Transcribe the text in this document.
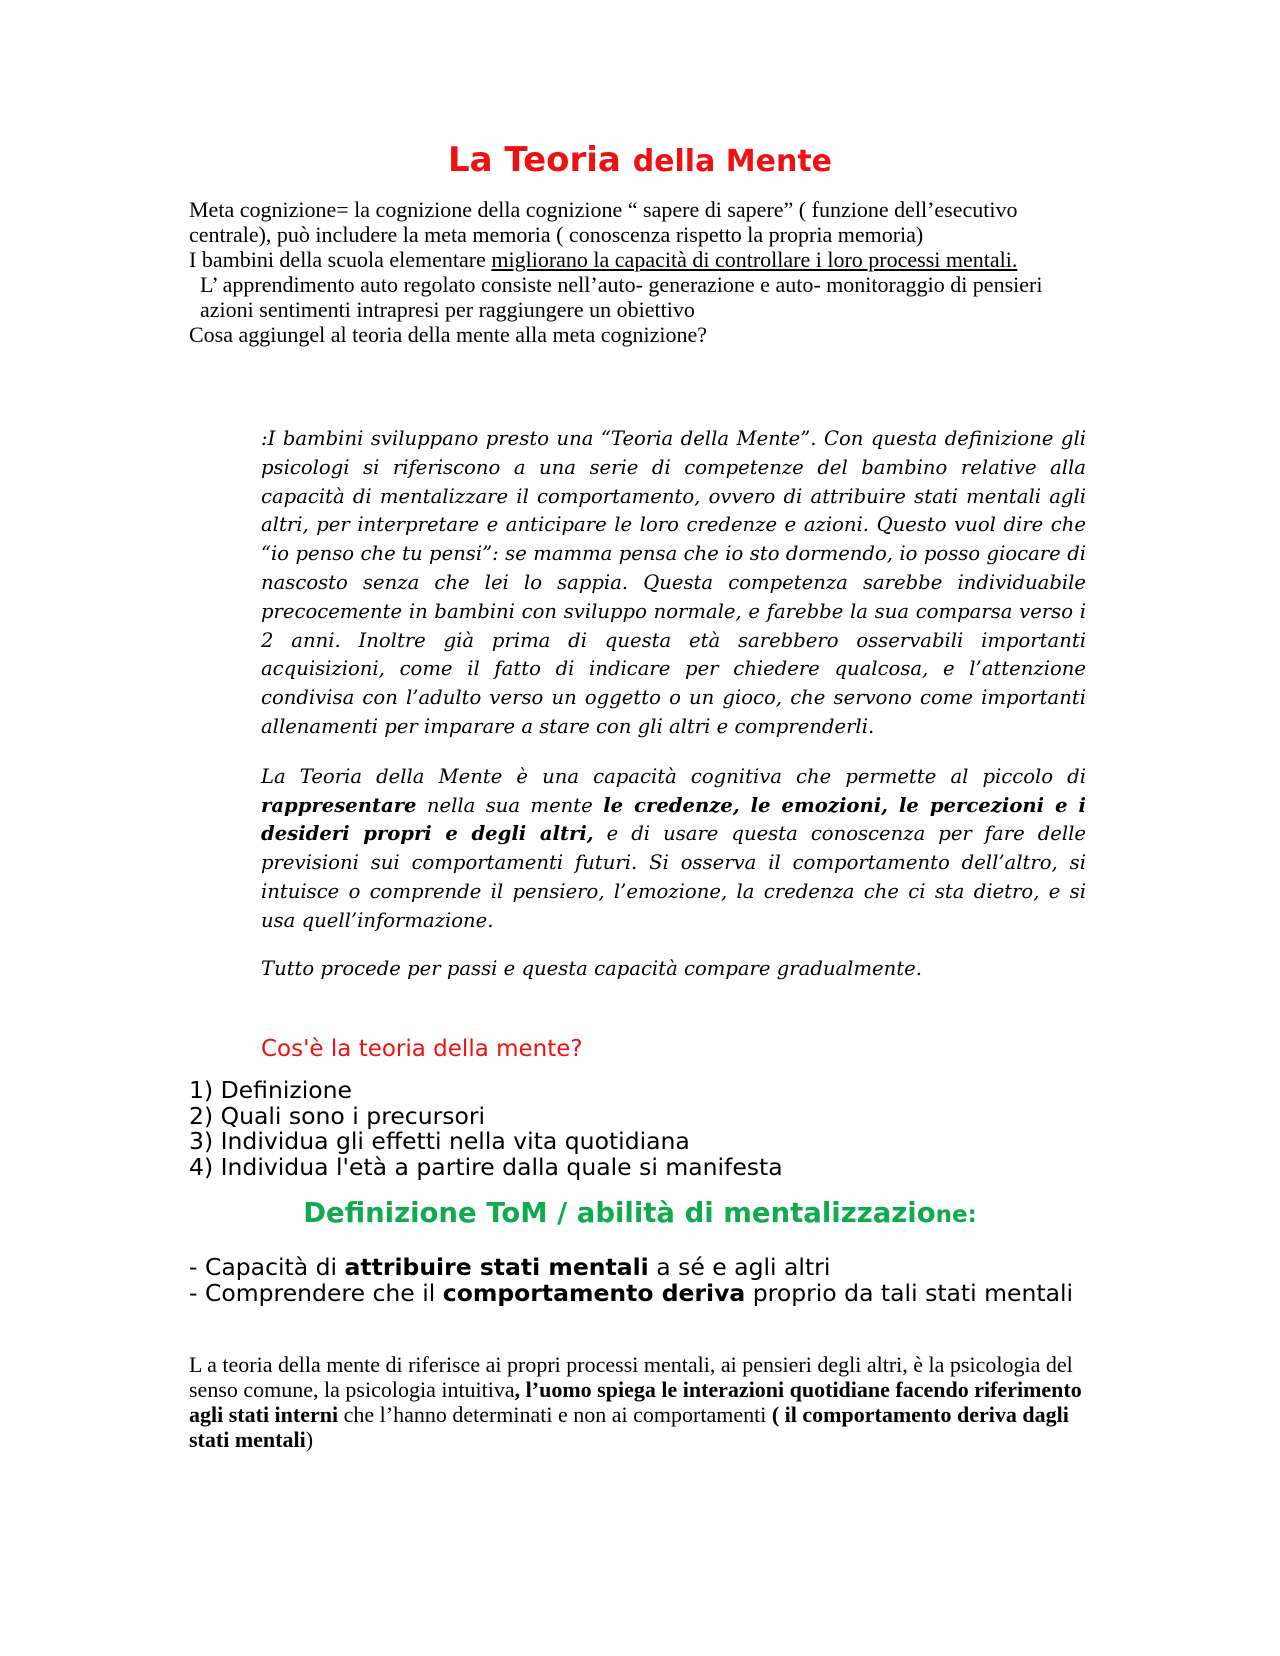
La Teoria della Mente

Meta cognizione= la cognizione della cognizione “ sapere di sapere” ( funzione dell’esecutivo centrale), può includere la meta memoria ( conoscenza rispetto la propria memoria)

I bambini della scuola elementare migliorano la capacità di controllare i loro processi mentali.

L’ apprendimento auto regolato consiste nell’auto- generazione e auto- monitoraggio di pensieri azioni sentimenti intrapresi per raggiungere un obiettivo

Cosa aggiungel al teoria della mente alla meta cognizione?

:I bambini sviluppano presto una “Teoria della Mente”. Con questa definizione gli psicologi si riferiscono a una serie di competenze del bambino relative alla capacità di mentalizzare il comportamento, ovvero di attribuire stati mentali agli altri, per interpretare e anticipare le loro credenze e azioni. Questo vuol dire che “io penso che tu pensi”: se mamma pensa che io sto dormendo, io posso giocare di nascosto senza che lei lo sappia. Questa competenza sarebbe individuabile precocemente in bambini con sviluppo normale, e farebbe la sua comparsa verso i 2 anni. Inoltre già prima di questa età sarebbero osservabili importanti acquisizioni, come il fatto di indicare per chiedere qualcosa, e l’attenzione condivisa con l’adulto verso un oggetto o un gioco, che servono come importanti allenamenti per imparare a stare con gli altri e comprenderli.

La Teoria della Mente è una capacità cognitiva che permette al piccolo di rappresentare nella sua mente le credenze, le emozioni, le percezioni e i desideri propri e degli altri, e di usare questa conoscenza per fare delle previsioni sui comportamenti futuri. Si osserva il comportamento dell’altro, si intuisce o comprende il pensiero, l’emozione, la credenza che ci sta dietro, e si usa quell’informazione.

Tutto procede per passi e questa capacità compare gradualmente.

Cos'è la teoria della mente?

1) Definizione
2) Quali sono i precursori
3) Individua gli effetti nella vita quotidiana
4) Individua l'età a partire dalla quale si manifesta
Definizione ToM / abilità di mentalizzazione:

- Capacità di attribuire stati mentali a sé e agli altri

- Comprendere che il comportamento deriva proprio da tali stati mentali

L a teoria della mente di riferisce ai propri processi mentali, ai pensieri degli altri, è la psicologia del senso comune, la psicologia intuitiva, l’uomo spiega le interazioni quotidiane facendo riferimento agli stati interni che l’hanno determinati e non ai comportamenti ( il comportamento deriva dagli stati mentali)
